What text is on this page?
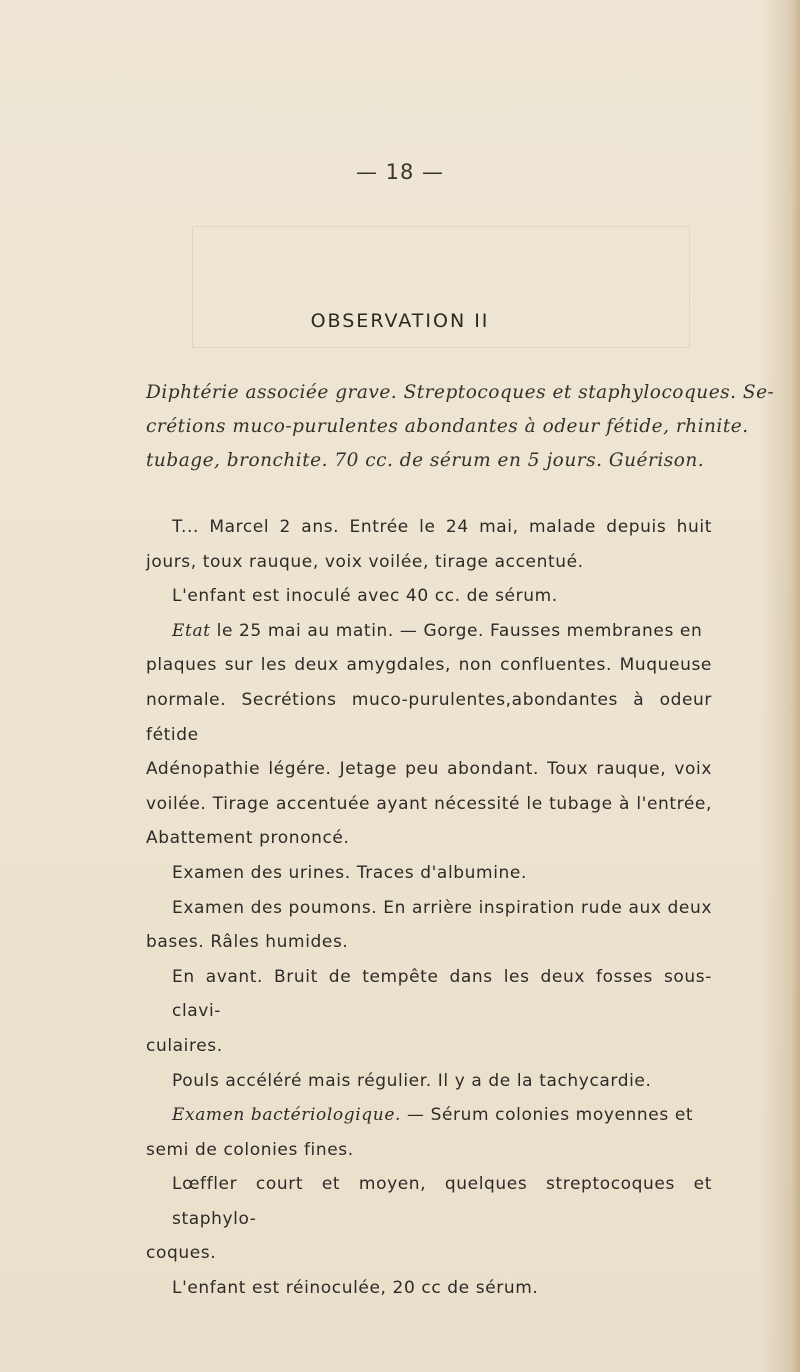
— 18 —
OBSERVATION II
Diphtérie associée grave. Streptocoques et staphylocoques. Se-
crétions muco-purulentes abondantes à odeur fétide, rhinite.
tubage, bronchite. 70 cc. de sérum en 5 jours. Guérison.
T... Marcel 2 ans. Entrée le 24 mai, malade depuis huit
jours, toux rauque, voix voilée, tirage accentué.
L'enfant est inoculé avec 40 cc. de sérum.
Etat le 25 mai au matin. — Gorge. Fausses membranes en
plaques sur les deux amygdales, non confluentes. Muqueuse
normale. Secrétions muco-purulentes,abondantes à odeur fétide
Adénopathie légére. Jetage peu abondant. Toux rauque, voix
voilée. Tirage accentuée ayant nécessité le tubage à l'entrée,
Abattement prononcé.
Examen des urines. Traces d'albumine.
Examen des poumons. En arrière inspiration rude aux deux
bases. Râles humides.
En avant. Bruit de tempête dans les deux fosses sous-clavi-
culaires.
Pouls accéléré mais régulier. Il y a de la tachycardie.
Examen bactériologique. — Sérum colonies moyennes et
semi de colonies fines.
Lœffler court et moyen, quelques streptocoques et staphylo-
coques.
L'enfant est réinoculée, 20 cc de sérum.
